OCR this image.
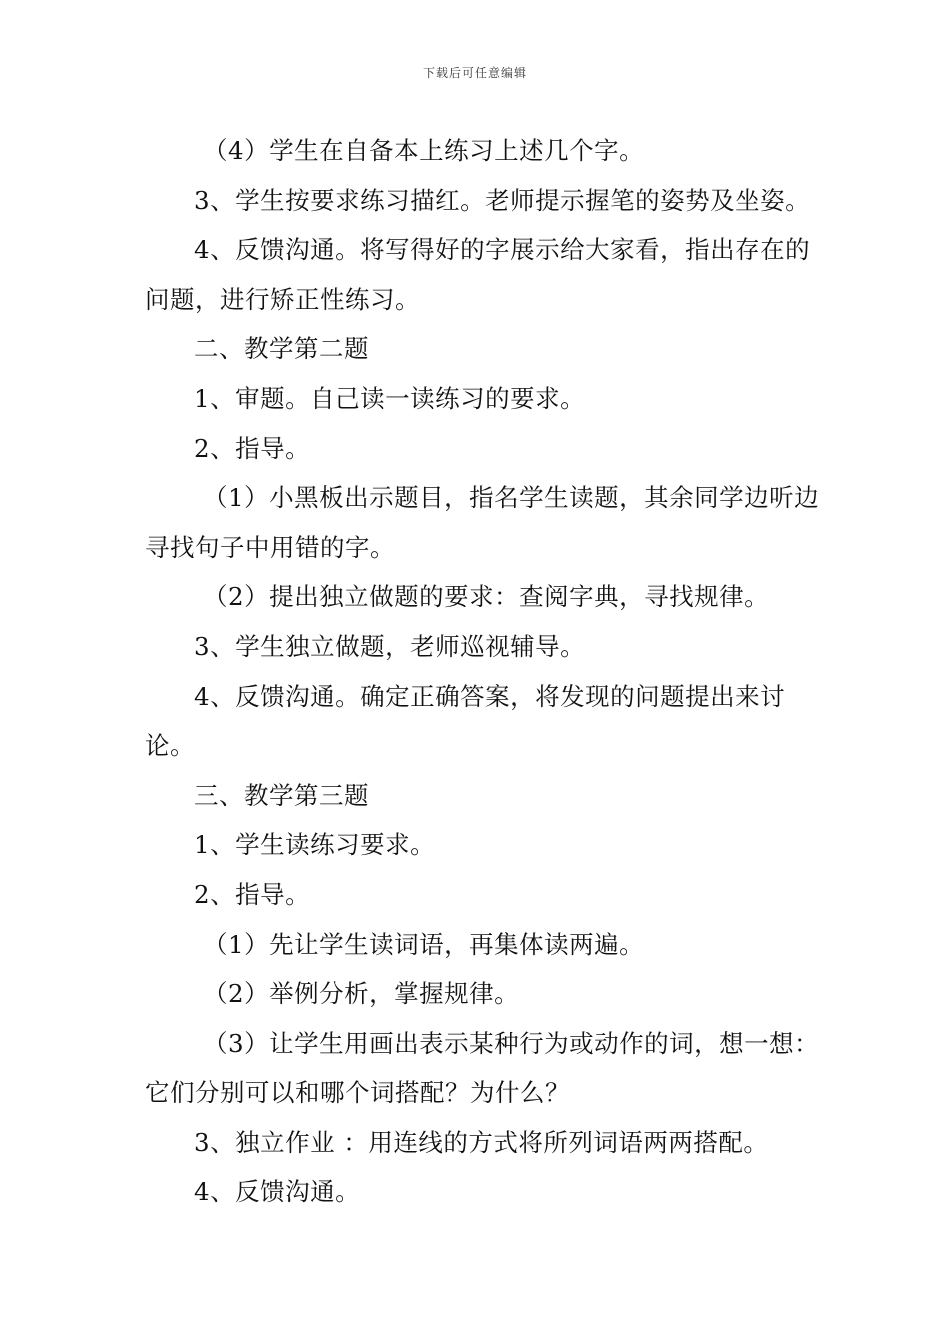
下载后可任意编辑

（4）学生在自备本上练习上述几个字。

3、学生按要求练习描红。老师提示握笔的姿势及坐姿。

4、反馈沟通。将写得好的字展示给大家看，指出存在的问题，进行矫正性练习。

二、教学第二题

1、审题。自己读一读练习的要求。

2、指导。

（1）小黑板出示题目，指名学生读题，其余同学边听边寻找句子中用错的字。

（2）提出独立做题的要求：查阅字典，寻找规律。

3、学生独立做题，老师巡视辅导。

4、反馈沟通。确定正确答案，将发现的问题提出来讨论。

三、教学第三题

1、学生读练习要求。

2、指导。

（1）先让学生读词语，再集体读两遍。

（2）举例分析，掌握规律。

（3）让学生用画出表示某种行为或动作的词，想一想：它们分别可以和哪个词搭配？为什么？

3、独立作业 ：用连线的方式将所列词语两两搭配。

4、反馈沟通。
